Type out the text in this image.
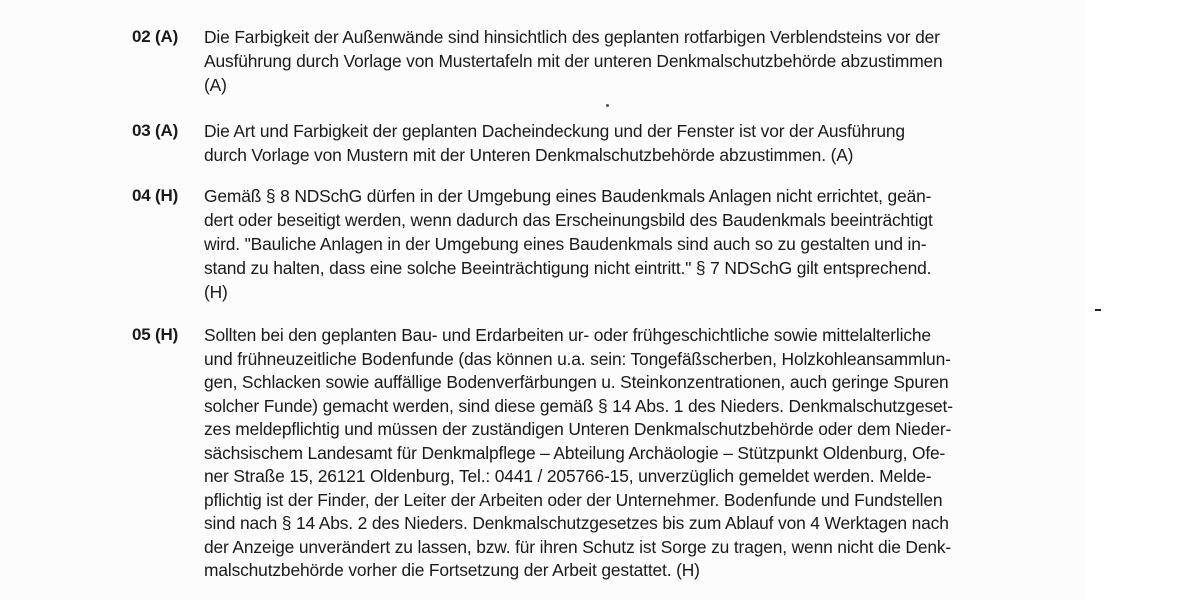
02 (A) Die Farbigkeit der Außenwände sind hinsichtlich des geplanten rotfarbigen Verblendsteins vor der
Ausführung durch Vorlage von Mustertafeln mit der unteren Denkmalschutzbehörde abzustimmen
(A)
03 (A) Die Art und Farbigkeit der geplanten Dacheindeckung und der Fenster ist vor der Ausführung
durch Vorlage von Mustern mit der Unteren Denkmalschutzbehörde abzustimmen. (A)
04 (H) Gemäß § 8 NDSchG dürfen in der Umgebung eines Baudenkmals Anlagen nicht errichtet, geän-
dert oder beseitigt werden, wenn dadurch das Erscheinungsbild des Baudenkmals beeinträchtigt
wird. "Bauliche Anlagen in der Umgebung eines Baudenkmals sind auch so zu gestalten und in-
stand zu halten, dass eine solche Beeinträchtigung nicht eintritt." § 7 NDSchG gilt entsprechend.
(H)
05 (H) Sollten bei den geplanten Bau- und Erdarbeiten ur- oder frühgeschichtliche sowie mittelalterliche
und frühneuzeitliche Bodenfunde (das können u.a. sein: Tongefäßscherben, Holzkohleansammlun-
gen, Schlacken sowie auffällige Bodenverfärbungen u. Steinkonzentrationen, auch geringe Spuren
solcher Funde) gemacht werden, sind diese gemäß § 14 Abs. 1 des Nieders. Denkmalschutzgeset-
zes meldepflichtig und müssen der zuständigen Unteren Denkmalschutzbehörde oder dem Nieder-
sächsischem Landesamt für Denkmalpflege – Abteilung Archäologie – Stützpunkt Oldenburg, Ofe-
ner Straße 15, 26121 Oldenburg, Tel.: 0441 / 205766-15, unverzüglich gemeldet werden. Melde-
pflichtig ist der Finder, der Leiter der Arbeiten oder der Unternehmer. Bodenfunde und Fundstellen
sind nach § 14 Abs. 2 des Nieders. Denkmalschutzgesetzes bis zum Ablauf von 4 Werktagen nach
der Anzeige unverändert zu lassen, bzw. für ihren Schutz ist Sorge zu tragen, wenn nicht die Denk-
malschutzbehörde vorher die Fortsetzung der Arbeit gestattet. (H)
